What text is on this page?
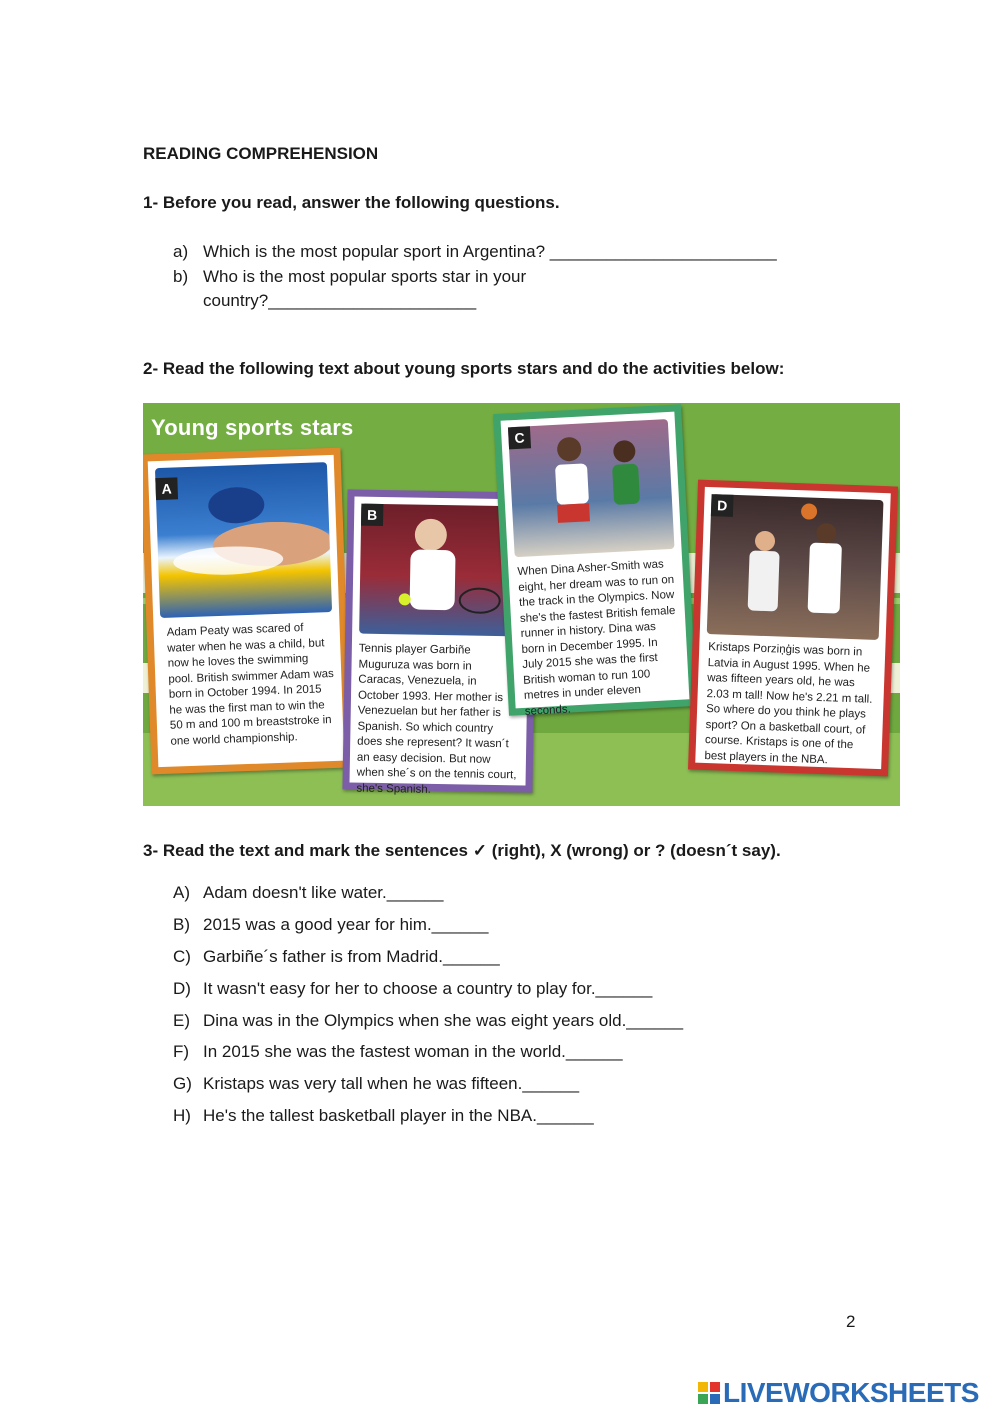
READING COMPREHENSION
1- Before you read, answer the following questions.
a) Which is the most popular sport in Argentina? ________________________
b) Who is the most popular sports star in your
country?______________________
2- Read the following text about young sports stars and do the activities below:
Young sports stars
A
Adam Peaty was scared of water when he was a child, but now he loves the swimming pool. British swimmer Adam was born in October 1994. In 2015 he was the first man to win the 50 m and 100 m breaststroke in one world championship.
B
Tennis player Garbiñe Muguruza was born in Caracas, Venezuela, in October 1993. Her mother is Venezuelan but her father is Spanish. So which country does she represent? It wasn´t an easy decision. But now when she´s on the tennis court, she's Spanish.
C
When Dina Asher-Smith was eight, her dream was to run on the track in the Olympics. Now she's the fastest British female runner in history. Dina was born in December 1995. In July 2015 she was the first British woman to run 100 metres in under eleven seconds.
D
Kristaps Porziņģis was born in Latvia in August 1995. When he was fifteen years old, he was 2.03 m tall! Now he's 2.21 m tall. So where do you think he plays sport? On a basketball court, of course. Kristaps is one of the best players in the NBA.
3- Read the text and mark the sentences ✓ (right), X (wrong) or ? (doesn´t say).
A) Adam doesn't like water.______
B) 2015 was a good year for him.______
C) Garbiñe´s father is from Madrid.______
D) It wasn't easy for her to choose a country to play for.______
E) Dina was in the Olympics when she was eight years old.______
F) In 2015 she was the fastest woman in the world.______
G) Kristaps was very tall when he was fifteen.______
H) He's the tallest basketball player in the NBA.______
2
LIVEWORKSHEETS
